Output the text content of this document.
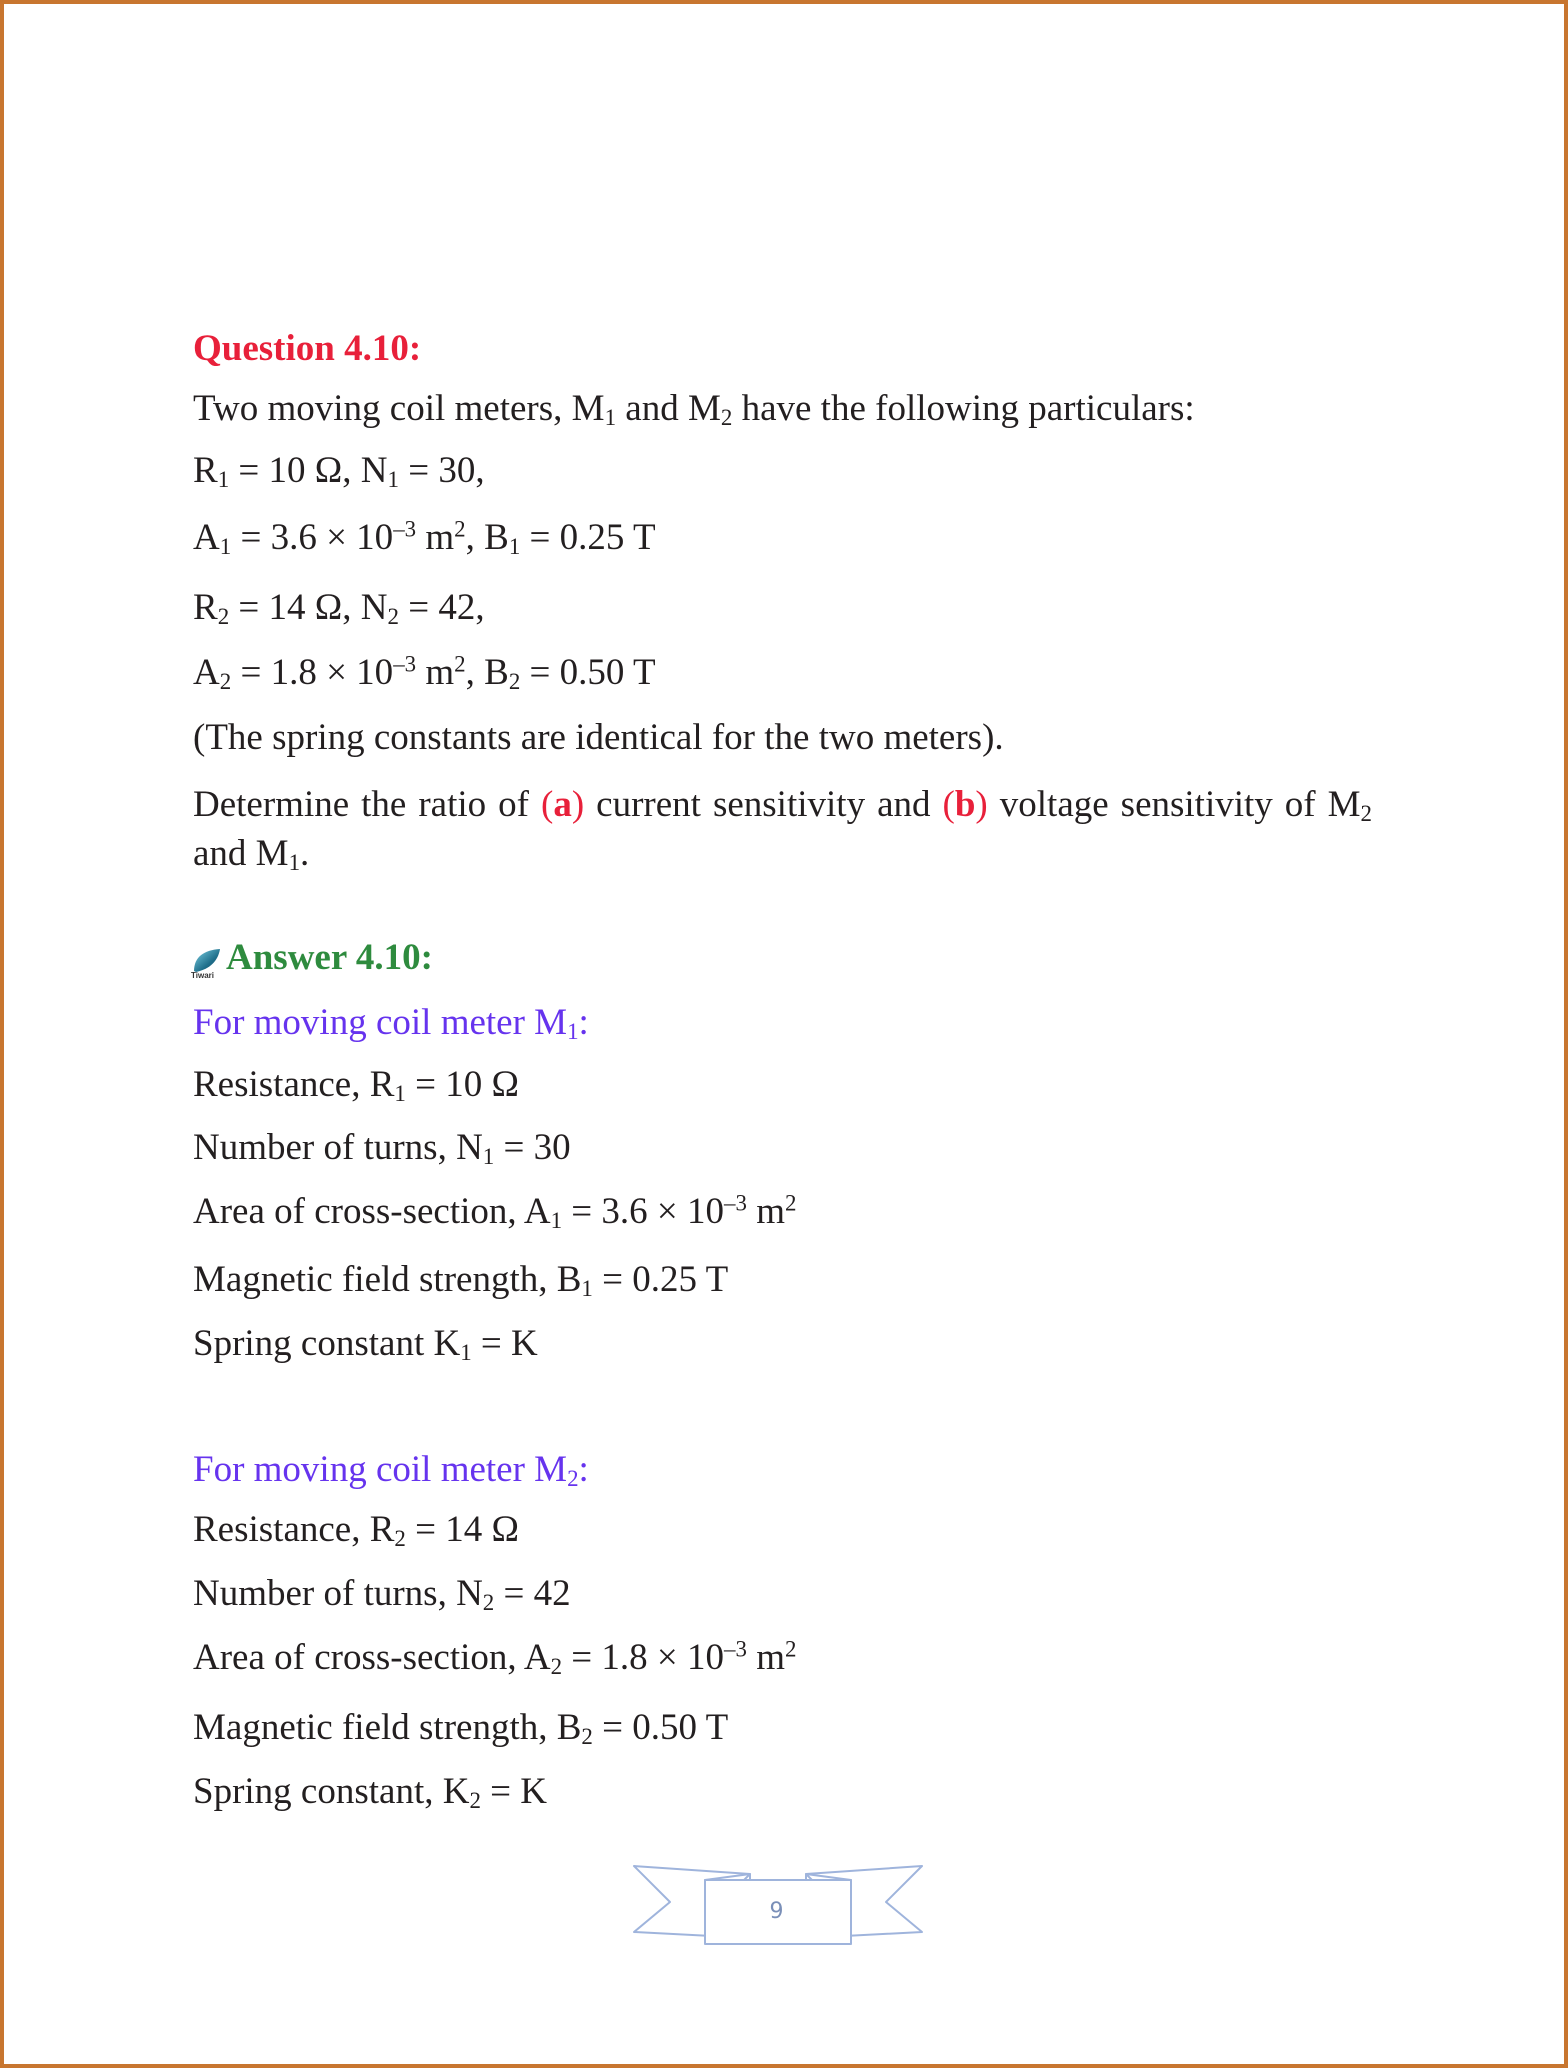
Question 4.10:
Two moving coil meters, $M_1$ and $M_2$ have the following particulars:
$R_1 = 10$ Ω, $N_1 = 30$,
$A_1 = 3.6 \times 10^{-3}$ $m^2$, $B_1 = 0.25$ T
$R_2 = 14$ Ω, $N_2 = 42$,
$A_2 = 1.8 \times 10^{-3}$ $m^2$, $B_2 = 0.50$ T
(The spring constants are identical for the two meters).
Determine the ratio of (a) current sensitivity and (b) voltage sensitivity of $M_2$ and $M_1$.
Tiwari Answer 4.10:
For moving coil meter $M_1$:
Resistance, $R_1 = 10$ Ω
Number of turns, $N_1 = 30$
Area of cross-section, $A_1 = 3.6 \times 10^{-3}$ $m^2$
Magnetic field strength, $B_1 = 0.25$ T
Spring constant $K_1 = K$
For moving coil meter $M_2$:
Resistance, $R_2 = 14$ Ω
Number of turns, $N_2 = 42$
Area of cross-section, $A_2 = 1.8 \times 10^{-3}$ $m^2$
Magnetic field strength, $B_2 = 0.50$ T
Spring constant, $K_2 = K$
9
